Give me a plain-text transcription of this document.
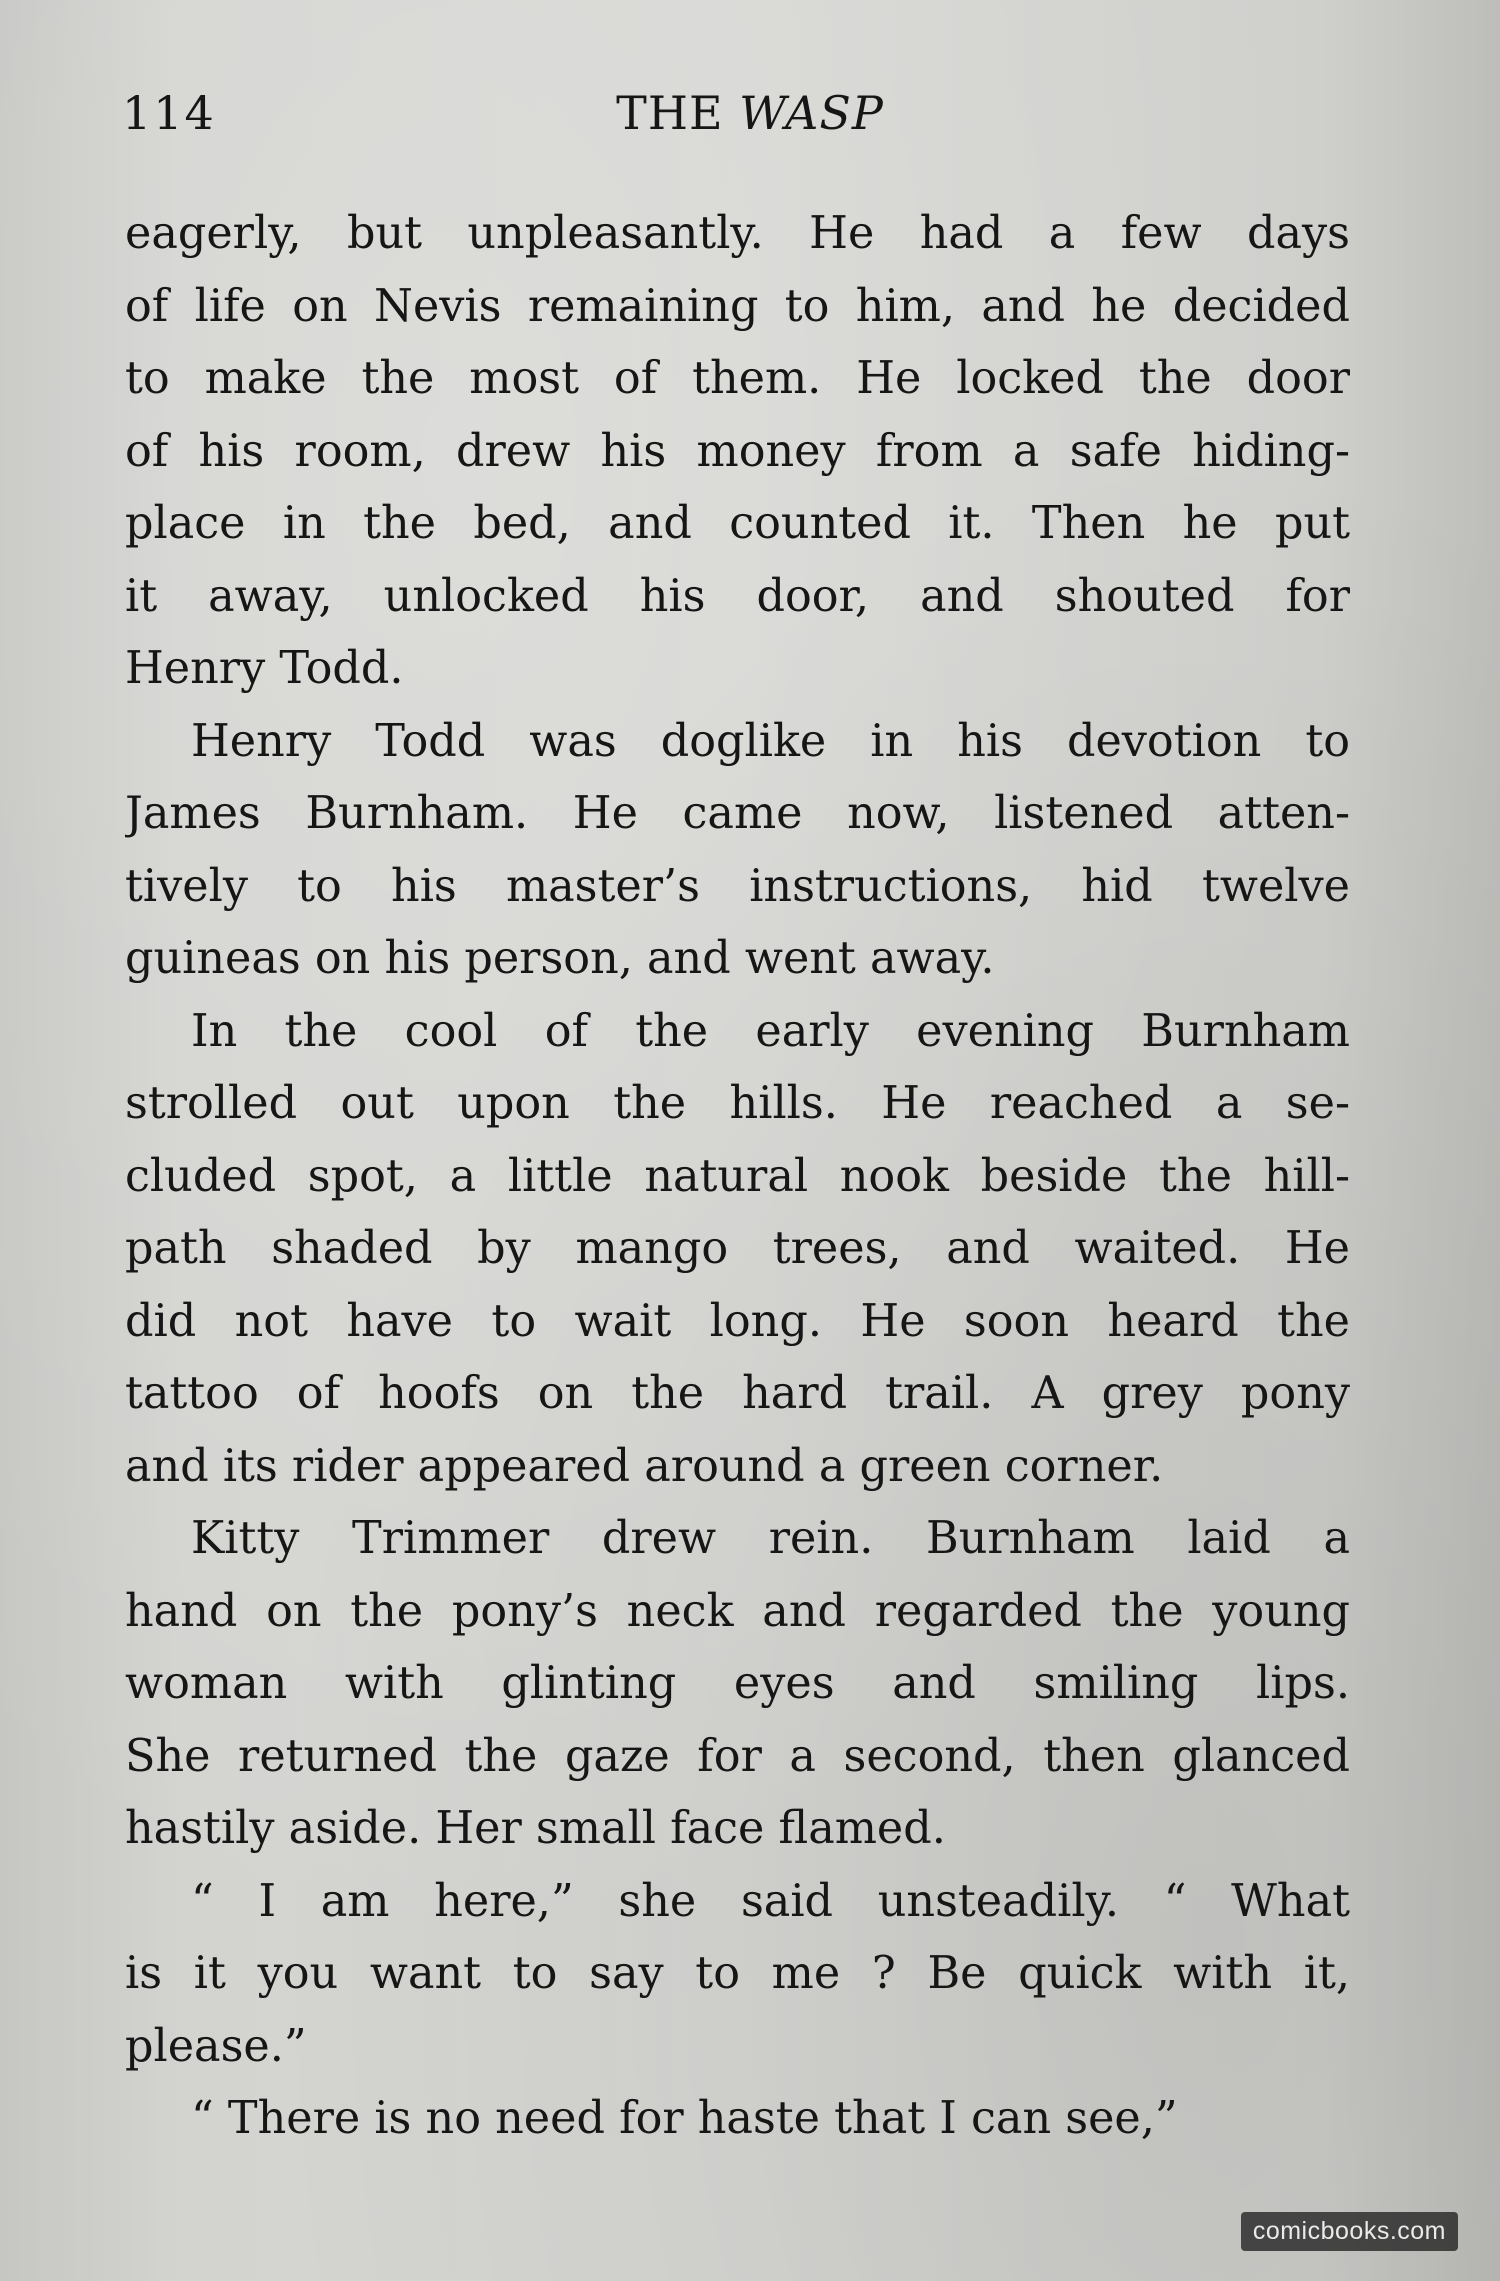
114	THE WASP
eagerly, but unpleasantly. He had a few days
of life on Nevis remaining to him, and he decided
to make the most of them. He locked the door
of his room, drew his money from a safe hiding-
place in the bed, and counted it. Then he put
it away, unlocked his door, and shouted for
Henry Todd.
Henry Todd was doglike in his devotion to
James Burnham. He came now, listened atten-
tively to his master’s instructions, hid twelve
guineas on his person, and went away.
In the cool of the early evening Burnham
strolled out upon the hills. He reached a se-
cluded spot, a little natural nook beside the hill-
path shaded by mango trees, and waited. He
did not have to wait long. He soon heard the
tattoo of hoofs on the hard trail. A grey pony
and its rider appeared around a green corner.
Kitty Trimmer drew rein. Burnham laid a
hand on the pony’s neck and regarded the young
woman with glinting eyes and smiling lips.
She returned the gaze for a second, then glanced
hastily aside. Her small face flamed.
“ I am here,” she said unsteadily. “ What
is it you want to say to me ? Be quick with it,
please.”
“ There is no need for haste that I can see,”
comicbooks.com
